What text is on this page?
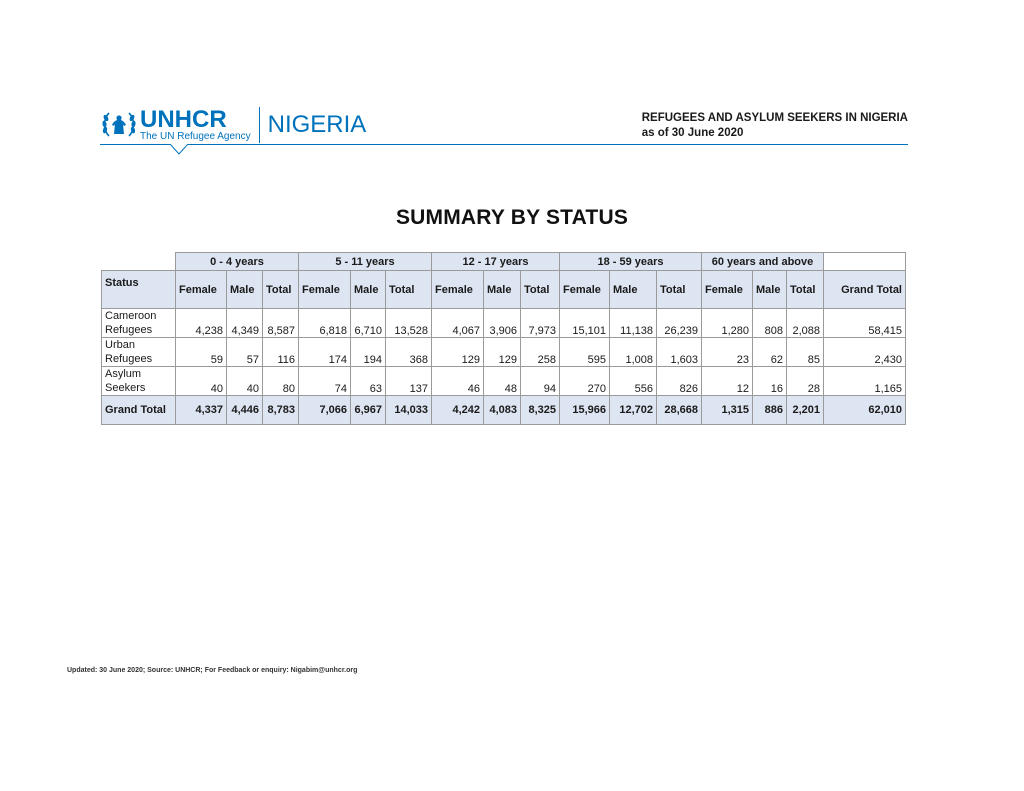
UNHCR
The UN Refugee Agency NIGERIA	REFUGEES AND ASYLUM SEEKERS IN NIGERIA
as of 30 June 2020
SUMMARY BY STATUS
	0 - 4 years			5 - 11 years			12 - 17 years			18 - 59 years			60 years and above			
Status	Female	Male	Total	Female	Male	Total	Female	Male	Total	Female	Male	Total	Female	Male	Total	Grand Total

Cameroon
Refugees	4,238	4,349	8,587	6,818	6,710	13,528	4,067	3,906	7,973	15,101	11,138	26,239	1,280	808	2,088	58,415

Urban
Refugees	59	57	116	174	194	368	129	129	258	595	1,008	1,603	23	62	85	2,430

Asylum
Seekers	40	40	80	74	63	137	46	48	94	270	556	826	12	16	28	1,165
Grand Total	4,337	4,446	8,783	7,066	6,967	14,033	4,242	4,083	8,325	15,966	12,702	28,668	1,315	886	2,201	62,010
Updated: 30 June 2020; Source: UNHCR; For Feedback or enquiry: Nigabim@unhcr.org
